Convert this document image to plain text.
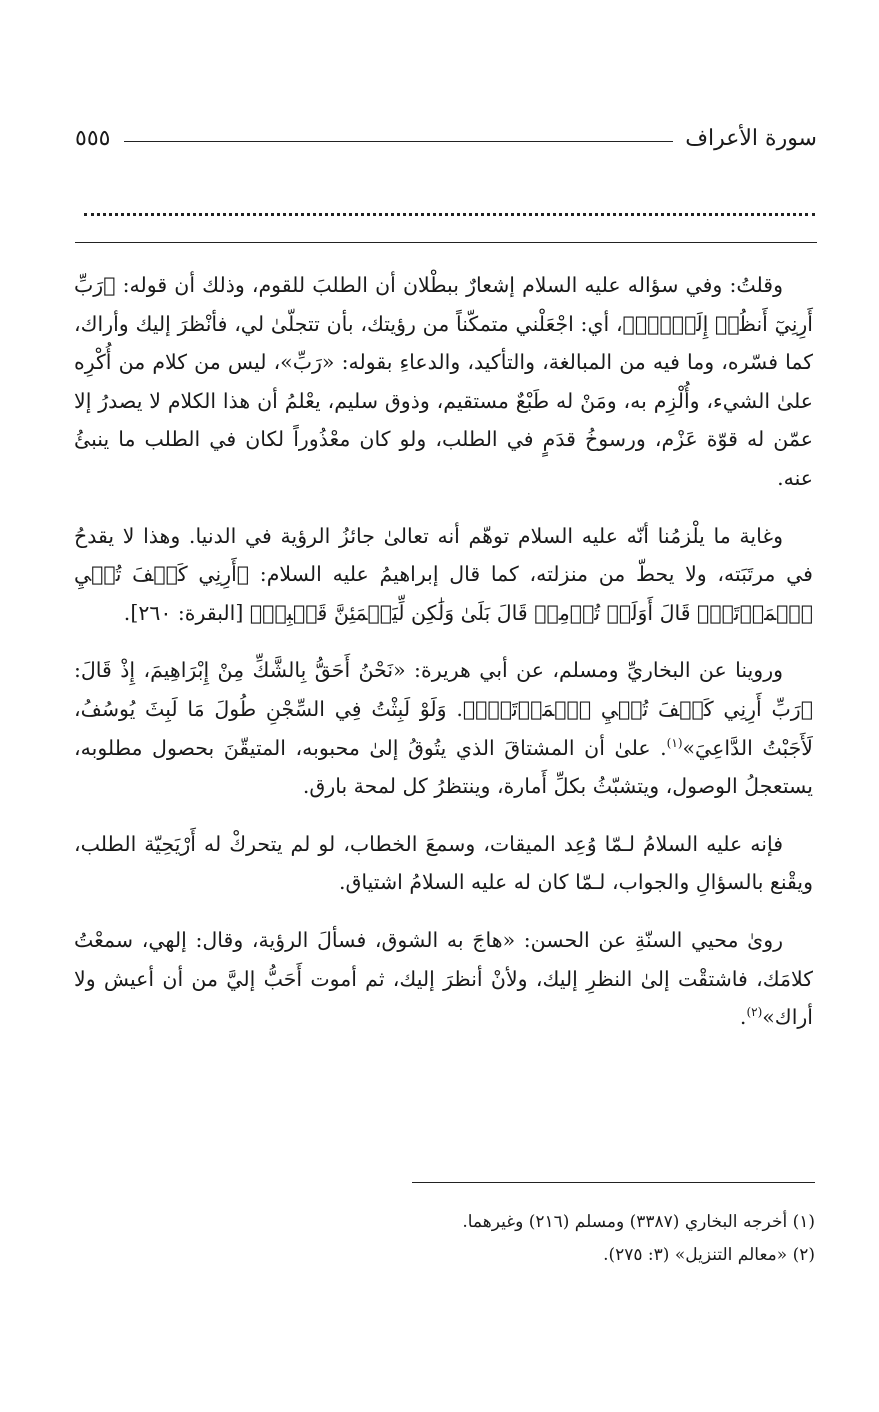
سورة الأعراف
٥٥٥

وقلتُ: وفي سؤاله عليه السلام إشعارٌ ببطْلان أن الطلبَ للقوم، وذلك أن قوله: ﴿رَبِّ أَرِنِيٓ أَنظُرۡ إِلَيۡكَۚ﴾، أي: اجْعَلْني متمكّناً من رؤيتك، بأن تتجلّىٰ لي، فأنْظرَ إليك وأراك، كما فسّره، وما فيه من المبالغة، والتأكيد، والدعاءِ بقوله: «رَبِّ»، ليس من كلام من أُكْرِه علىٰ الشيء، وأُلْزِم به، ومَنْ له طَبْعٌ مستقيم، وذوق سليم، يعْلمُ أن هذا الكلام لا يصدرُ إلا عمّن له قوّة عَزْم، ورسوخُ قدَمٍ في الطلب، ولو كان معْذُوراً لكان في الطلب ما ينبئُ عنه.

وغاية ما يلْزمُنا أنّه عليه السلام توهّم أنه تعالىٰ جائزُ الرؤية في الدنيا. وهذا لا يقدحُ في مرتَبَته، ولا يحطّ من منزلته، كما قال إبراهيمُ عليه السلام: ﴿أَرِنِي كَيۡفَ تُحۡيِ ٱلۡمَوۡتَىٰۖ قَالَ أَوَلَمۡ تُؤۡمِنۖ قَالَ بَلَىٰ وَلَٰكِن لِّيَطۡمَئِنَّ قَلۡبِيۖ﴾ [البقرة: ٢٦٠].

وروينا عن البخاريِّ ومسلم، عن أبي هريرة: «نَحْنُ أَحَقُّ بِالشَّكِّ مِنْ إِبْرَاهِيمَ، إِذْ قَالَ: ﴿رَبِّ أَرِنِي كَيۡفَ تُحۡيِ ٱلۡمَوۡتَىٰۖ﴾. وَلَوْ لَبِثْتُ فِي السِّجْنِ طُولَ مَا لَبِثَ يُوسُفُ، لَأَجَبْتُ الدَّاعِيَ»$^{(١)}$. علىٰ أن المشتاقَ الذي يتُوقُ إلىٰ محبوبه، المتيقّنَ بحصول مطلوبه، يستعجلُ الوصول، ويتشبّثُ بكلِّ أَمارة، وينتظرُ كل لمحة بارق.

فإنه عليه السلامُ لـمّا وُعِد الميقات، وسمعَ الخطاب، لو لم يتحركْ له أَرْيَحِيّة الطلب، ويقْنع بالسؤالِ والجواب، لـمّا كان له عليه السلامُ اشتياق.

روىٰ محيي السنّةِ عن الحسن: «هاجَ به الشوق، فسألَ الرؤية، وقال: إلهي، سمعْتُ كلامَك، فاشتقْت إلىٰ النظرِ إليك، ولأنْ أنظرَ إليك، ثم أموت أَحَبُّ إليَّ من أن أعيش ولا أراك»$^{(٢)}$.

(١) أخرجه البخاري (٣٣٨٧) ومسلم (٢١٦) وغيرهما.
(٢) «معالم التنزيل» (٣: ٢٧٥).
